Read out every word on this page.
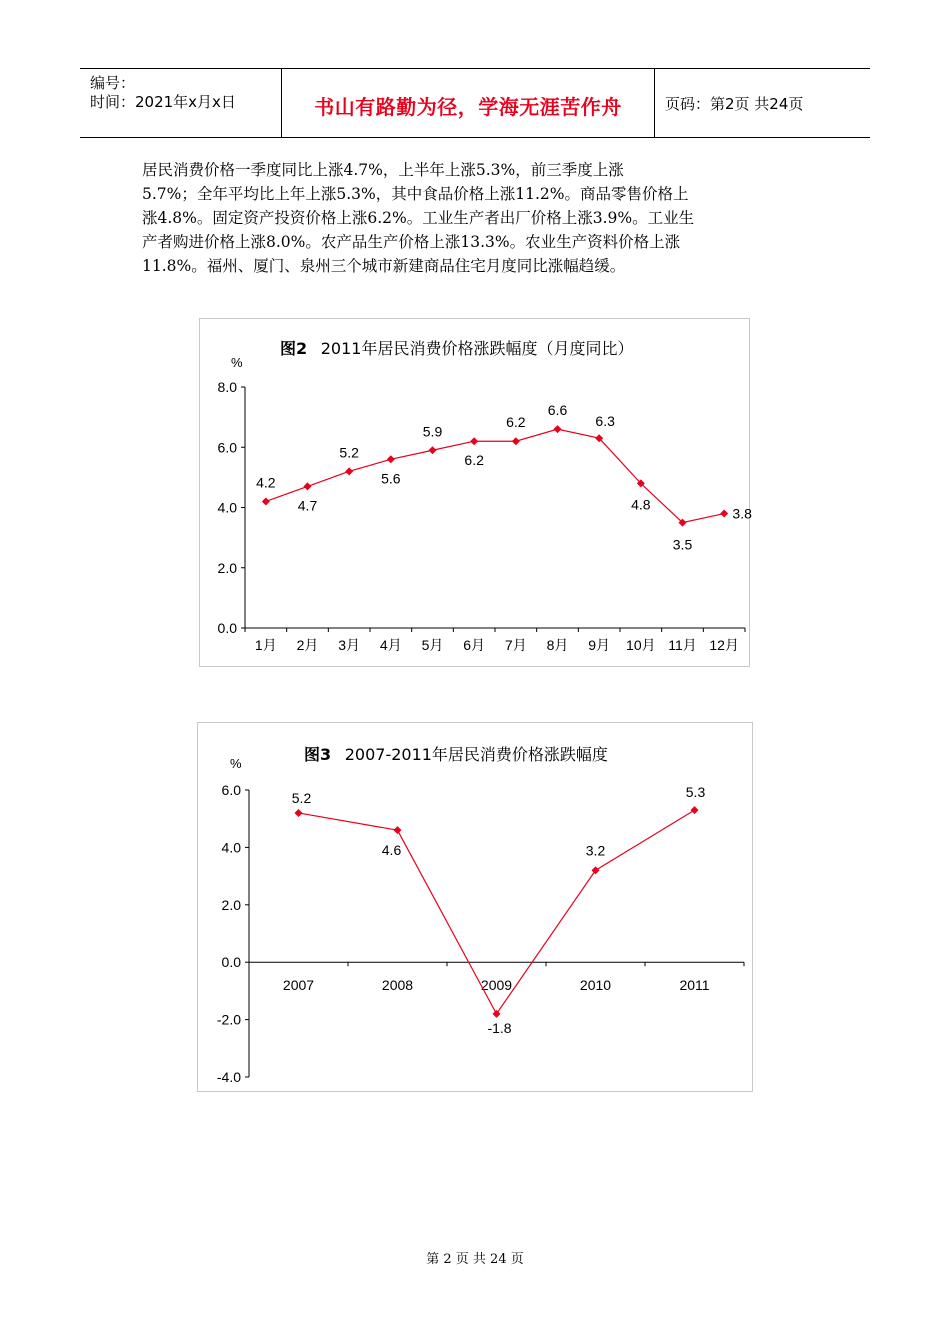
编号：
时间：2021年x月x日	书山有路勤为径，学海无涯苦作舟	页码：第2页 共24页
居民消费价格一季度同比上涨4.7%，上半年上涨5.3%，前三季度上涨
5.7%；全年平均比上年上涨5.3%，其中食品价格上涨11.2%。商品零售价格上
涨4.8%。固定资产投资价格上涨6.2%。工业生产者出厂价格上涨3.9%。工业生
产者购进价格上涨8.0%。农产品生产价格上涨13.3%。农业生产资料价格上涨
11.8%。福州、厦门、泉州三个城市新建商品住宅月度同比涨幅趋缓。
图2 2011年居民消费价格涨跌幅度（月度同比）
%
0.0
2.0
4.0
6.0
8.0
1月 2月 3月 4月 5月 6月 7月 8月 9月 10月 11月 12月
4.2
4.7
5.2
5.6
5.9
6.2
6.2
6.6
6.3
4.8
3.5
3.8
图3 2007-2011年居民消费价格涨跌幅度
%
-4.0
-2.0
0.0
2.0
4.0
6.0
2007	2008	2009	2010	2011
5.2
4.6
-1.8
3.2
5.3
第 2 页 共 24 页
